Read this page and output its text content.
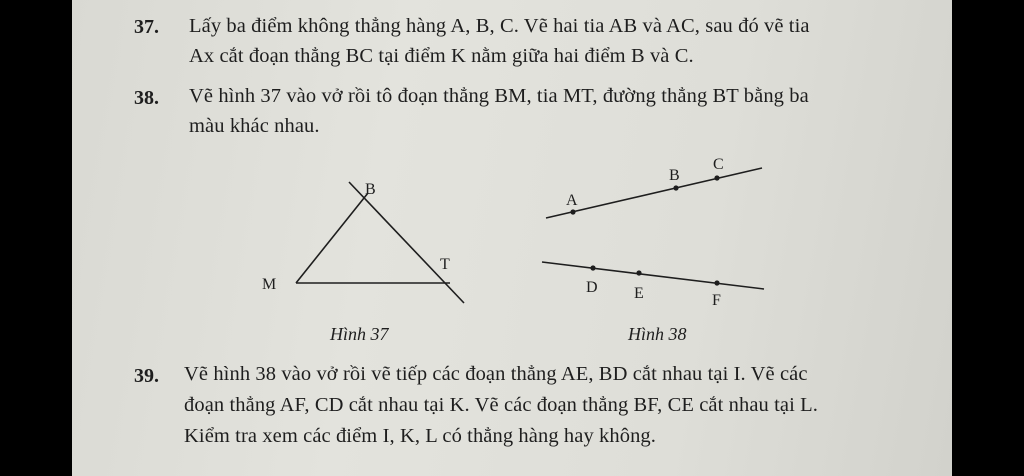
37. Lấy ba điểm không thẳng hàng A, B, C. Vẽ hai tia AB và AC, sau đó vẽ tia
Ax cắt đoạn thẳng BC tại điểm K nằm giữa hai điểm B và C.
38. Vẽ hình 37 vào vở rồi tô đoạn thẳng BM, tia MT, đường thẳng BT bằng ba
màu khác nhau.
B
M
T
A
B
C
D E	F
Hình 37	Hình 38
39. Vẽ hình 38 vào vở rồi vẽ tiếp các đoạn thẳng AE, BD cắt nhau tại I. Vẽ các
đoạn thẳng AF, CD cắt nhau tại K. Vẽ các đoạn thẳng BF, CE cắt nhau tại L.
Kiểm tra xem các điểm I, K, L có thẳng hàng hay không.
